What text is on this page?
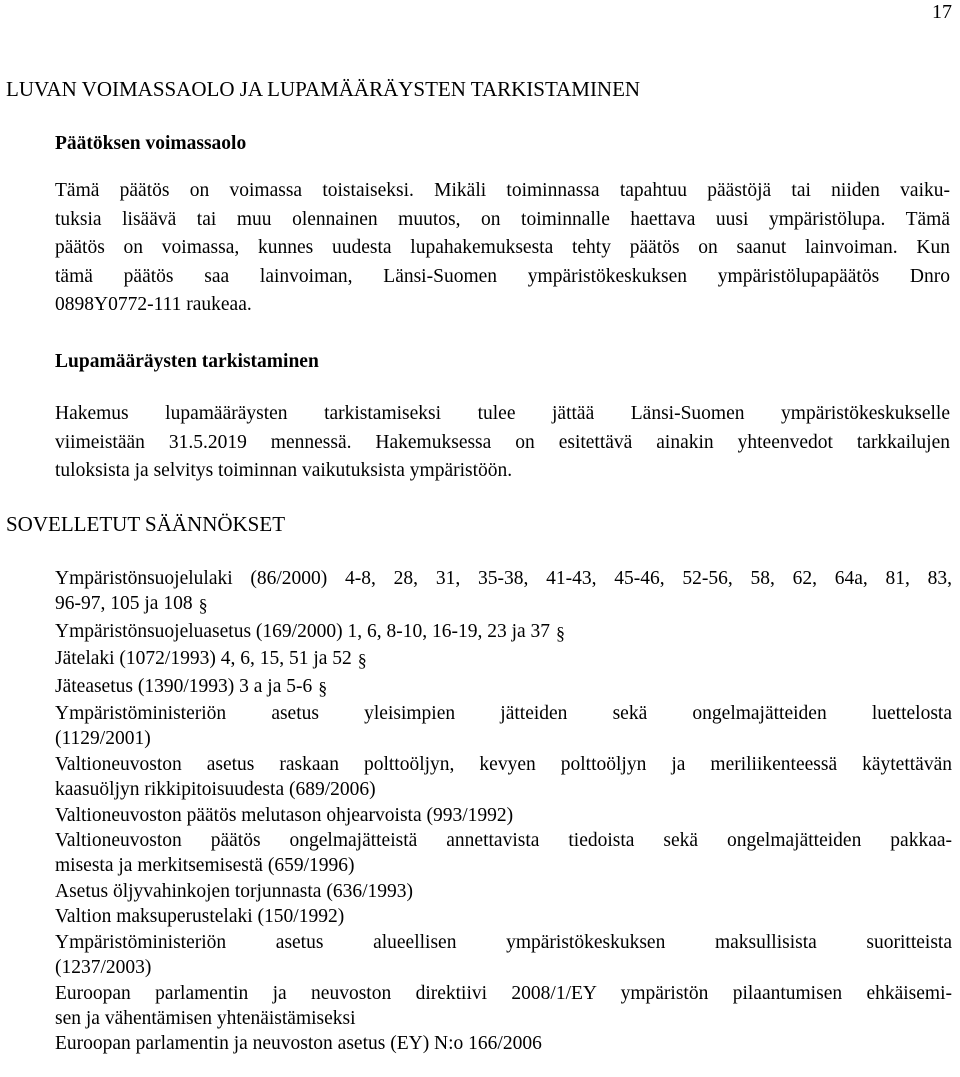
17
LUVAN VOIMASSAOLO JA LUPAMÄÄRÄYSTEN TARKISTAMINEN
Päätöksen voimassaolo

Tämä päätös on voimassa toistaiseksi. Mikäli toiminnassa tapahtuu päästöjä tai niiden vaiku-
tuksia lisäävä tai muu olennainen muutos, on toiminnalle haettava uusi ympäristölupa. Tämä
päätös on voimassa, kunnes uudesta lupahakemuksesta tehty päätös on saanut lainvoiman. Kun
tämä päätös saa lainvoiman, Länsi-Suomen ympäristökeskuksen ympäristölupapäätös Dnro
0898Y0772-111 raukeaa.

Lupamääräysten tarkistaminen

Hakemus lupamääräysten tarkistamiseksi tulee jättää Länsi-Suomen ympäristökeskukselle
viimeistään 31.5.2019 mennessä. Hakemuksessa on esitettävä ainakin yhteenvedot tarkkailujen
tuloksista ja selvitys toiminnan vaikutuksista ympäristöön.

SOVELLETUT SÄÄNNÖKSET
Ympäristönsuojelulaki (86/2000) 4-8, 28, 31, 35-38, 41-43, 45-46, 52-56, 58, 62, 64a, 81, 83,
96-97, 105 ja 108 §
Ympäristönsuojeluasetus (169/2000) 1, 6, 8-10, 16-19, 23 ja 37 §
Jätelaki (1072/1993) 4, 6, 15, 51 ja 52 §
Jäteasetus (1390/1993) 3 a ja 5-6 §
Ympäristöministeriön asetus yleisimpien jätteiden sekä ongelmajätteiden luettelosta
(1129/2001)
Valtioneuvoston asetus raskaan polttoöljyn, kevyen polttoöljyn ja meriliikenteessä käytettävän
kaasuöljyn rikkipitoisuudesta (689/2006)
Valtioneuvoston päätös melutason ohjearvoista (993/1992)
Valtioneuvoston päätös ongelmajätteistä annettavista tiedoista sekä ongelmajätteiden pakkaa-
misesta ja merkitsemisestä (659/1996)
Asetus öljyvahinkojen torjunnasta (636/1993)
Valtion maksuperustelaki (150/1992)
Ympäristöministeriön asetus alueellisen ympäristökeskuksen maksullisista suoritteista
(1237/2003)
Euroopan parlamentin ja neuvoston direktiivi 2008/1/EY ympäristön pilaantumisen ehkäisemi-
sen ja vähentämisen yhtenäistämiseksi
Euroopan parlamentin ja neuvoston asetus (EY) N:o 166/2006
